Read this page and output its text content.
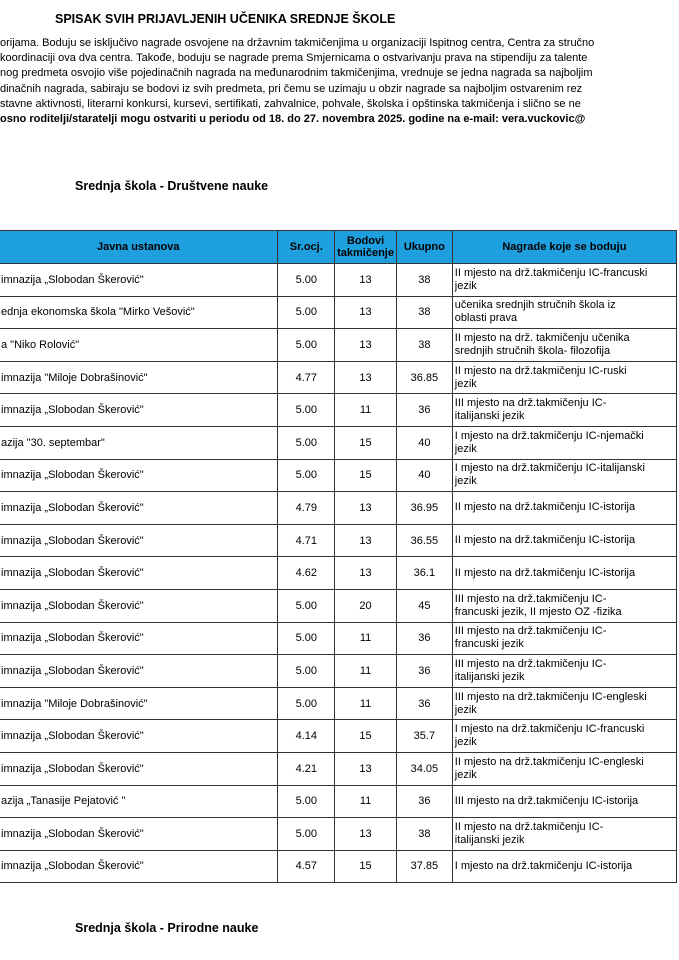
SPISAK SVIH PRIJAVLJENIH UČENIKA SREDNJE ŠKOLE
orijama. Boduju se isključivo nagrade osvojene na državnim takmičenjima u organizaciji Ispitnog centra, Centra za stručno
koordinaciji ova dva centra. Takođe, boduju se nagrade prema Smjernicama o ostvarivanju prava na stipendiju za talente
nog predmeta osvojio više pojedinačnih nagrada na međunarodnim takmičenjima, vrednuje se jedna nagrada sa najboljim
dinačnih nagrada, sabiraju se bodovi iz svih predmeta, pri čemu se uzimaju u obzir nagrade sa najboljim ostvarenim rez
stavne aktivnosti, literarni konkursi, kursevi, sertifikati, zahvalnice, pohvale, školska i opštinska takmičenja i slično se ne
osno roditelji/staratelji mogu ostvariti u periodu od 18. do 27. novembra 2025. godine na e-mail: vera.vuckovic@
Srednja škola - Društvene nauke
Javna ustanova	Sr.ocj.	Bodovi takmičenje	Ukupno	Nagrade koje se boduju
imnazija „Slobodan Škerović"	5.00	13	38	II mjesto na drž.takmičenju IC-francuski
jezik
ednja ekonomska škola "Mirko Vešović"	5.00	13	38	učenika srednjih stručnih škola iz
oblasti prava
a "Niko Rolović"	5.00	13	38	II mjesto na drž. takmičenju učenika
srednjih stručnih škola- filozofija
imnazija "Miloje Dobrašinović"	4.77	13	36.85	II mjesto na drž.takmičenju IC-ruski
jezik
imnazija „Slobodan Škerović"	5.00	11	36	III mjesto na drž.takmičenju IC-
italijanski jezik
azija "30. septembar"	5.00	15	40	I mjesto na drž.takmičenju IC-njemački
jezik
imnazija „Slobodan Škerović"	5.00	15	40	I mjesto na drž.takmičenju IC-italijanski
jezik
imnazija „Slobodan Škerović"	4.79	13	36.95	II mjesto na drž.takmičenju IC-istorija
imnazija „Slobodan Škerović"	4.71	13	36.55	II mjesto na drž.takmičenju IC-istorija
imnazija „Slobodan Škerović"	4.62	13	36.1	II mjesto na drž.takmičenju IC-istorija
imnazija „Slobodan Škerović"	5.00	20	45	III mjesto na drž.takmičenju IC-
francuski jezik, II mjesto OZ -fizika
imnazija „Slobodan Škerović"	5.00	11	36	III mjesto na drž.takmičenju IC-
francuski jezik
imnazija „Slobodan Škerović"	5.00	11	36	III mjesto na drž.takmičenju IC-
italijanski jezik
imnazija "Miloje Dobrašinović"	5.00	11	36	III mjesto na drž.takmičenju IC-engleski
jezik
imnazija „Slobodan Škerović"	4.14	15	35.7	I mjesto na drž.takmičenju IC-francuski
jezik
imnazija „Slobodan Škerović"	4.21	13	34.05	II mjesto na drž.takmičenju IC-engleski
jezik
azija „Tanasije Pejatović "	5.00	11	36	III mjesto na drž.takmičenju IC-istorija
imnazija „Slobodan Škerović"	5.00	13	38	II mjesto na drž.takmičenju IC-
italijanski jezik
imnazija „Slobodan Škerović"	4.57	15	37.85	I mjesto na drž.takmičenju IC-istorija
Srednja škola - Prirodne nauke
